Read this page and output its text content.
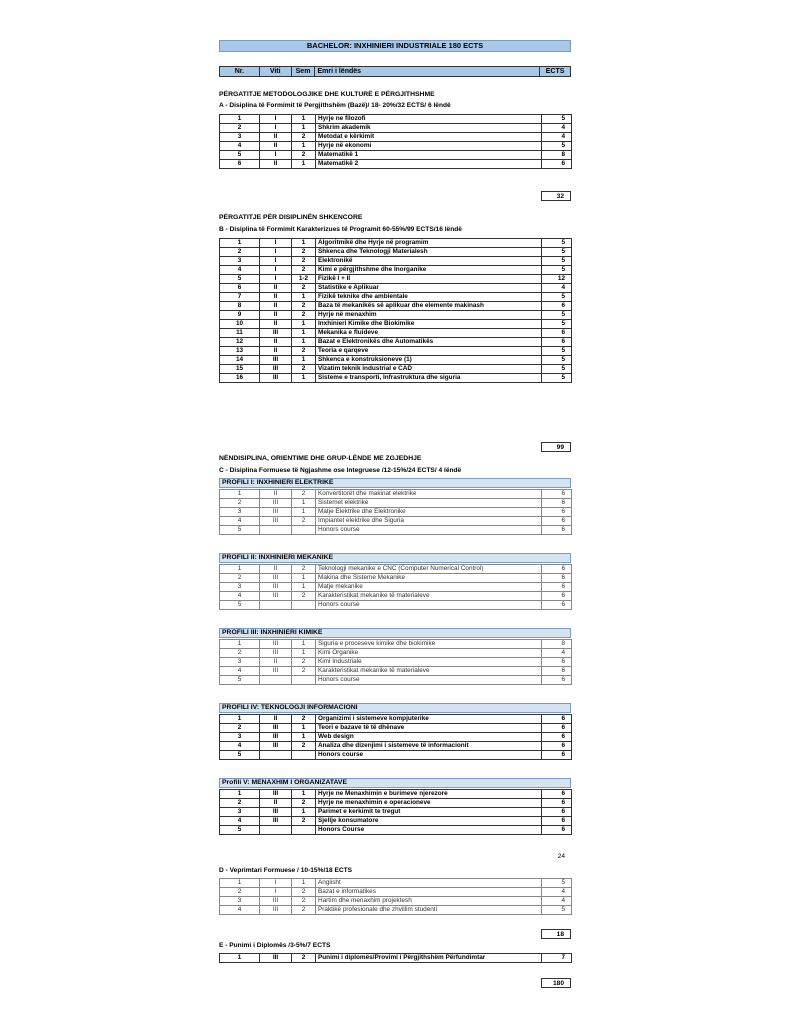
BACHELOR: INXHINIERI INDUSTRIALE 180 ECTS
Nr.	Viti	Sem	Emri i lëndës	ECTS
PËRGATITJE METODOLOGJIKE DHE KULTURË E PËRGJITHSHME
A - Disiplina të Formimit të Pergjithshëm (Bazë)/ 18- 20%/32 ECTS/ 6 lëndë
1	I	1	Hyrje ne filozofi	5
2	I	1	Shkrim akademik	4
3	II	2	Metodat e kërkimit	4
4	II	1	Hyrje në ekonomi	5
5	I	2	Matematikë 1	8
6	II	1	Matematikë 2	6
32
PËRGATITJE PËR DISIPLINËN SHKENCORE
B - Disiplina të Formimit Karakterizues të Programit 60-55%/99 ECTS/16 lëndë
1	I	1	Algoritmikë dhe Hyrje në programim	5
2	I	2	Shkenca dhe Teknologji Materialesh	5
3	I	2	Elektronikë	5
4	I	2	Kimi e përgjithshme dhe Inorganike	5
5	I	1-2	Fizikë I + II	12
6	II	2	Statistike e Aplikuar	4
7	II	1	Fizikë teknike dhe ambientale	5
8	II	2	Baza të mekanikës së aplikuar dhe elemente makinash	6
9	II	2	Hyrje në menaxhim	5
10	II	1	Inxhinieri Kimike dhe Biokimike	5
11	III	1	Mekanika e fluideve	6
12	II	1	Bazat e Elektronikës dhe Automatikës	6
13	II	2	Teoria e qarqeve	5
14	III	1	Shkenca e konstruksioneve (1)	5
15	III	2	Vizatim teknik industrial e CAD	5
16	III	1	Sisteme e transporti, Infrastruktura dhe siguria	5
99
NËNDISIPLINA, ORIENTIME DHE GRUP-LËNDE ME ZGJEDHJE
C - Disiplina Formuese të Ngjashme ose Integruese /12-15%/24 ECTS/ 4 lëndë
PROFILI I: INXHINIERI ELEKTRIKE
1	II	2	Konvertitorët dhe makinat elektrike	6
2	III	1	Sistemet elektrike	6
3	III	1	Matje Elektrike dhe Elektronike	6
4	III	2	Impiantet elektrike dhe Siguria	6
5			Honors course	6
PROFILI II: INXHINIERI MEKANIKE
1	II	2	Teknologji mekanike e CNC (Computer Numerical Control)	6
2	III	1	Makina dhe Sisteme Mekanike	6
3	III	1	Matje mekanike	6
4	III	2	Karakteristikat mekanike të materialeve	6
5			Honors course	6
PROFILI III: INXHINIERI KIMIKE
1	III	1	Siguria e proceseve kimike dhe biokimike	8
2	III	1	Kimi Organike	4
3	II	2	Kimi Industriale	6
4	III	2	Karakteristikat mekanike të materialeve	6
5			Honors course	6
PROFILI IV: TEKNOLOGJI INFORMACIONI
1	II	2	Organizimi i sistemeve kompjuterike	6
2	III	1	Teori e bazave të të dhënave	6
3	III	1	Web design	6
4	III	2	Analiza dhe dizenjimi i sistemeve të informacionit	6
5			Honors course	6
Profili V: MENAXHIM I ORGANIZATAVE
1	III	1	Hyrje ne Menaxhimin e burimeve njerezore	6
2	II	2	Hyrje ne menaxhimin e operacioneve	6
3	III	1	Parimet e kerkimit te tregut	6
4	III	2	Sjellje konsumatore	6
5			Honors Course	6
24
D - Veprimtari Formuese / 10-15%/18 ECTS
1	I	1	Anglisht	5
2	I	2	Bazat e informatikes	4
3	III	2	Hartim dhe menaxhim projektesh	4
4	III	2	Praktikë profesionale dhe zhvillim studenti	5
18
E - Punimi i Diplomës /3-5%/7 ECTS
1	III	2	Punimi i diplomës/Provimi i Përgjithshëm Përfundimtar	7
180
